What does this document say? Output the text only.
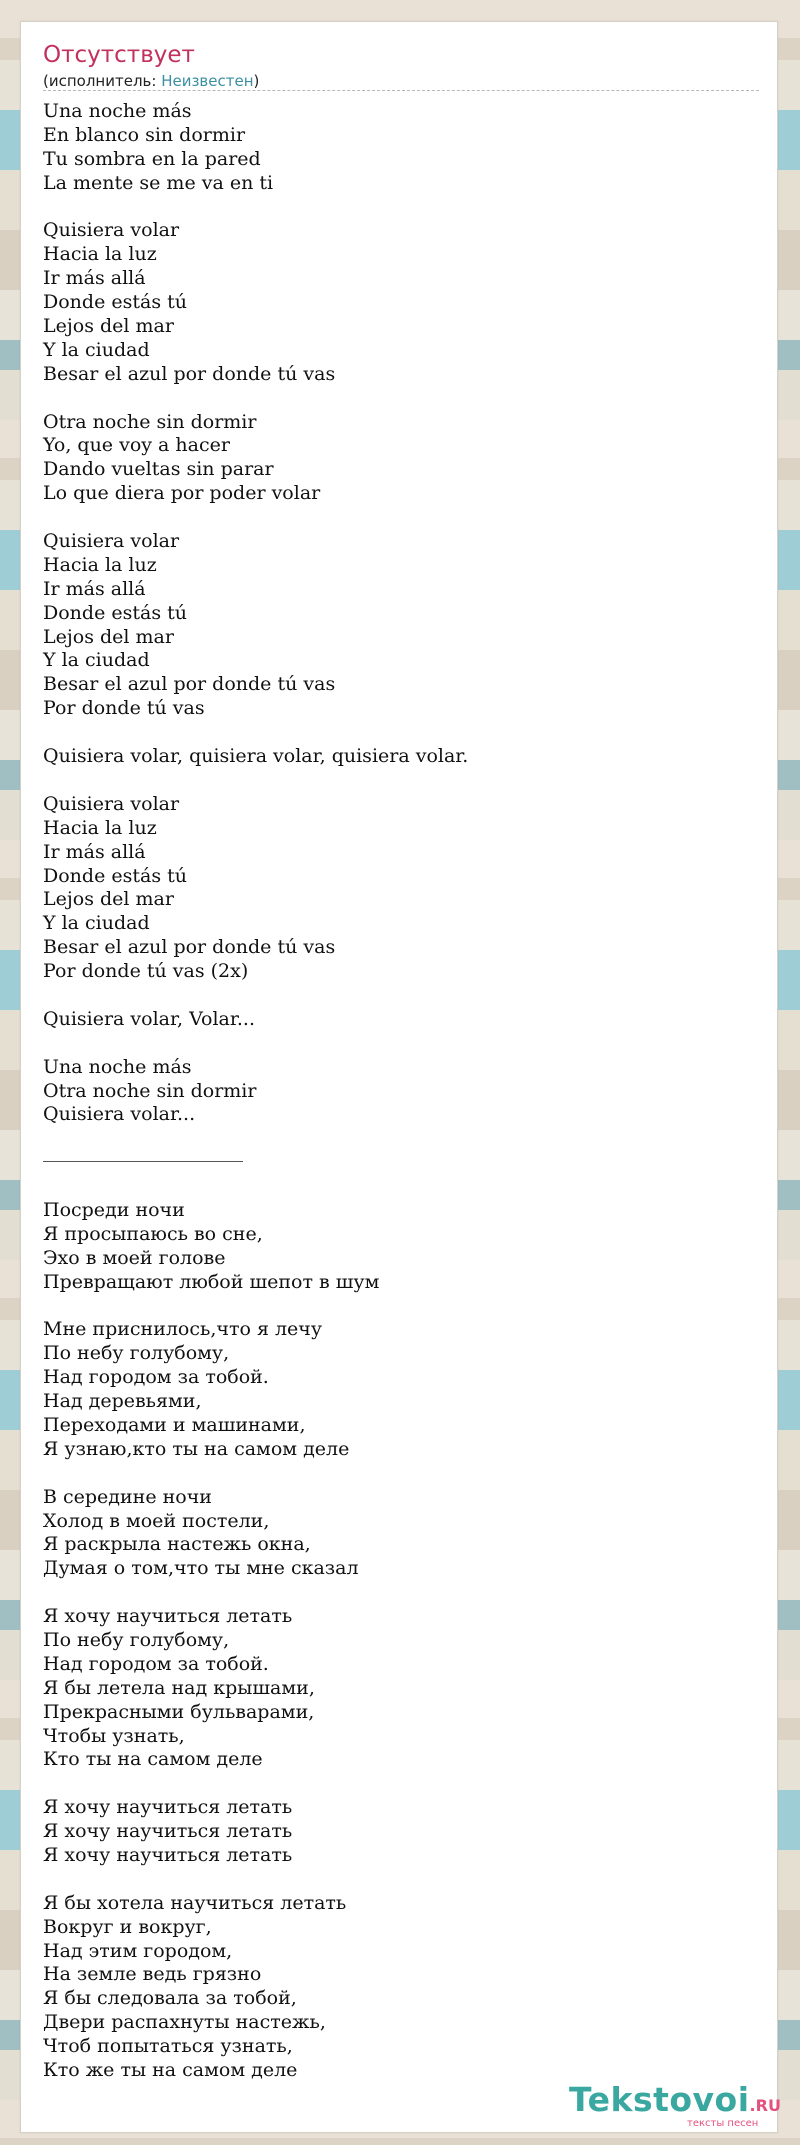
Отсутствует
(исполнитель: Неизвестен)
Una noche más
En blanco sin dormir
Tu sombra en la pared
La mente se me va en ti
Quisiera volar
Hacia la luz
Ir más allá
Donde estás tú
Lejos del mar
Y la ciudad
Besar el azul por donde tú vas
Otra noche sin dormir
Yo, que voy a hacer
Dando vueltas sin parar
Lo que diera por poder volar
Quisiera volar
Hacia la luz
Ir más allá
Donde estás tú
Lejos del mar
Y la ciudad
Besar el azul por donde tú vas
Por donde tú vas
Quisiera volar, quisiera volar, quisiera volar.
Quisiera volar
Hacia la luz
Ir más allá
Donde estás tú
Lejos del mar
Y la ciudad
Besar el azul por donde tú vas
Por donde tú vas (2x)
Quisiera volar, Volar...
Una noche más
Otra noche sin dormir
Quisiera volar...
Посреди ночи
Я просыпаюсь во сне,
Эхо в моей голове
Превращают любой шепот в шум
Мне приснилось,что я лечу
По небу голубому,
Над городом за тобой.
Над деревьями,
Переходами и машинами,
Я узнаю,кто ты на самом деле
В середине ночи
Холод в моей постели,
Я раскрыла настежь окна,
Думая о том,что ты мне сказал
Я хочу научиться летать
По небу голубому,
Над городом за тобой.
Я бы летела над крышами,
Прекрасными бульварами,
Чтобы узнать,
Кто ты на самом деле
Я хочу научиться летать
Я хочу научиться летать
Я хочу научиться летать
Я бы хотела научиться летать
Вокруг и вокруг,
Над этим городом,
На земле ведь грязно
Я бы следовала за тобой,
Двери распахнуты настежь,
Чтоб попытаться узнать,
Кто же ты на самом деле
Tekstovoi.RU
тексты песен
